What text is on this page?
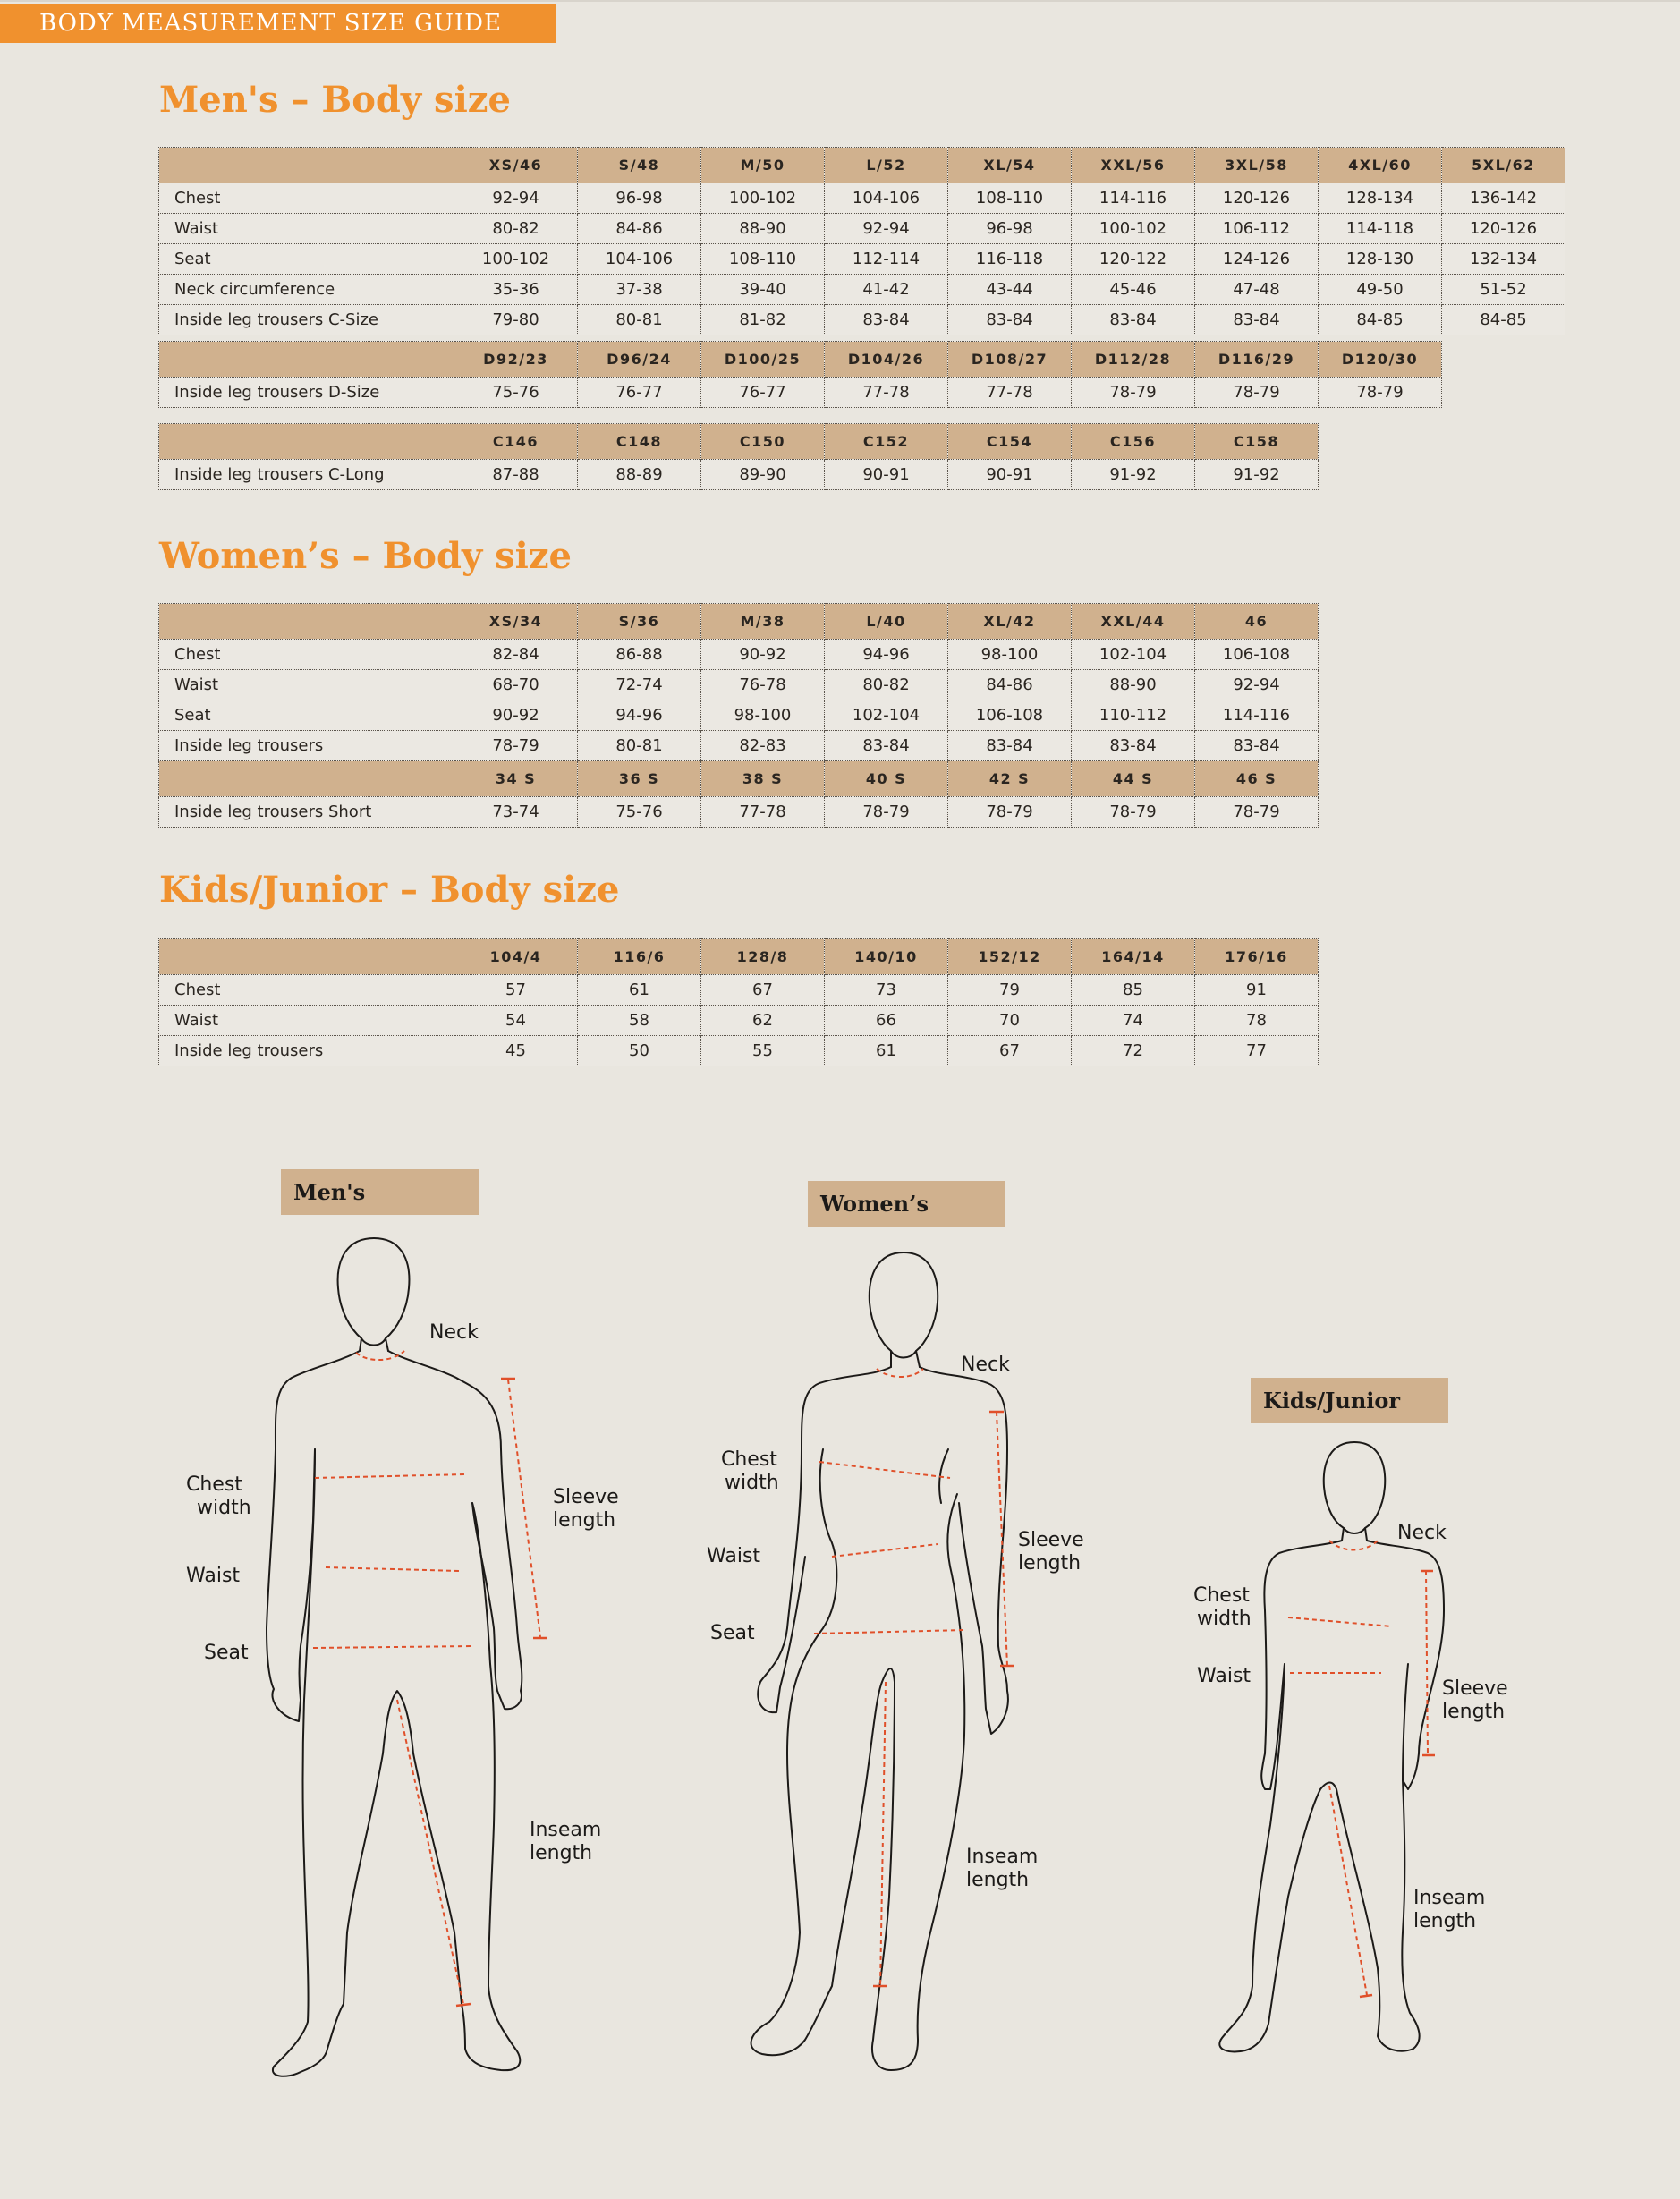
BODY MEASUREMENT SIZE GUIDE
Men's – Body size
	XS/46	S/48	M/50	L/52	XL/54	XXL/56	3XL/58	4XL/60	5XL/62
Chest	92-94	96-98	100-102	104-106	108-110	114-116	120-126	128-134	136-142
Waist	80-82	84-86	88-90	92-94	96-98	100-102	106-112	114-118	120-126
Seat	100-102	104-106	108-110	112-114	116-118	120-122	124-126	128-130	132-134
Neck circumference	35-36	37-38	39-40	41-42	43-44	45-46	47-48	49-50	51-52
Inside leg trousers C-Size	79-80	80-81	81-82	83-84	83-84	83-84	83-84	84-85	84-85
	D92/23	D96/24	D100/25	D104/26	D108/27	D112/28	D116/29	D120/30
Inside leg trousers D-Size	75-76	76-77	76-77	77-78	77-78	78-79	78-79	78-79
	C146	C148	C150	C152	C154	C156	C158
Inside leg trousers C-Long	87-88	88-89	89-90	90-91	90-91	91-92	91-92
Women’s – Body size
	XS/34	S/36	M/38	L/40	XL/42	XXL/44	46
Chest	82-84	86-88	90-92	94-96	98-100	102-104	106-108
Waist	68-70	72-74	76-78	80-82	84-86	88-90	92-94
Seat	90-92	94-96	98-100	102-104	106-108	110-112	114-116
Inside leg trousers	78-79	80-81	82-83	83-84	83-84	83-84	83-84
	34 S	36 S	38 S	40 S	42 S	44 S	46 S
Inside leg trousers Short	73-74	75-76	77-78	78-79	78-79	78-79	78-79
Kids/Junior – Body size
	104/4	116/6	128/8	140/10	152/12	164/14	176/16
Chest	57	61	67	73	79	85	91
Waist	54	58	62	66	70	74	78
Inside leg trousers	45	50	55	61	67	72	77
Men's	Women’s
Kids/Junior
Neck
Chest
width
Waist
Seat
Sleeve
length
Inseam
length
Neck
Chest
width
Waist
Seat
Sleeve
length
Inseam
length
Neck
Chest
width
Waist
Sleeve
length
Inseam
length
